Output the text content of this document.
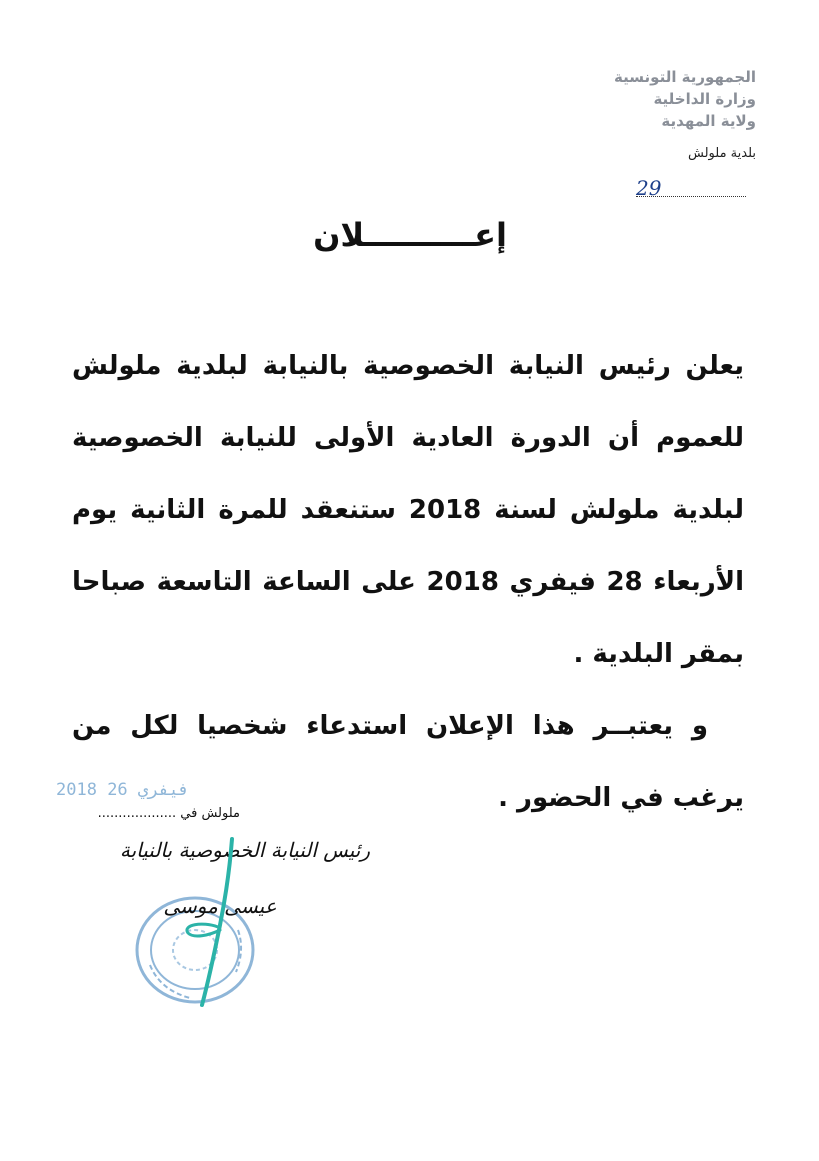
الجمهورية التونسية
وزارة الداخلية
ولاية المهدية
بلدية ملولش
29
إعــــــــــلان

يعلن رئيس النيابة الخصوصية بالنيابة لبلدية ملولش للعموم أن الدورة العادية الأولى للنيابة الخصوصية لبلدية ملولش لسنة 2018 ستنعقد للمرة الثانية يوم الأربعاء 28 فيفري 2018 على الساعة التاسعة صباحا بمقر البلدية .

و يعتبــر هذا الإعلان استدعاء شخصيا لكل من يرغب في الحضور .

2018 فيفري 26
ملولش في ...................
رئيس النيابة الخصوصية بالنيابة
عيسى موسى
